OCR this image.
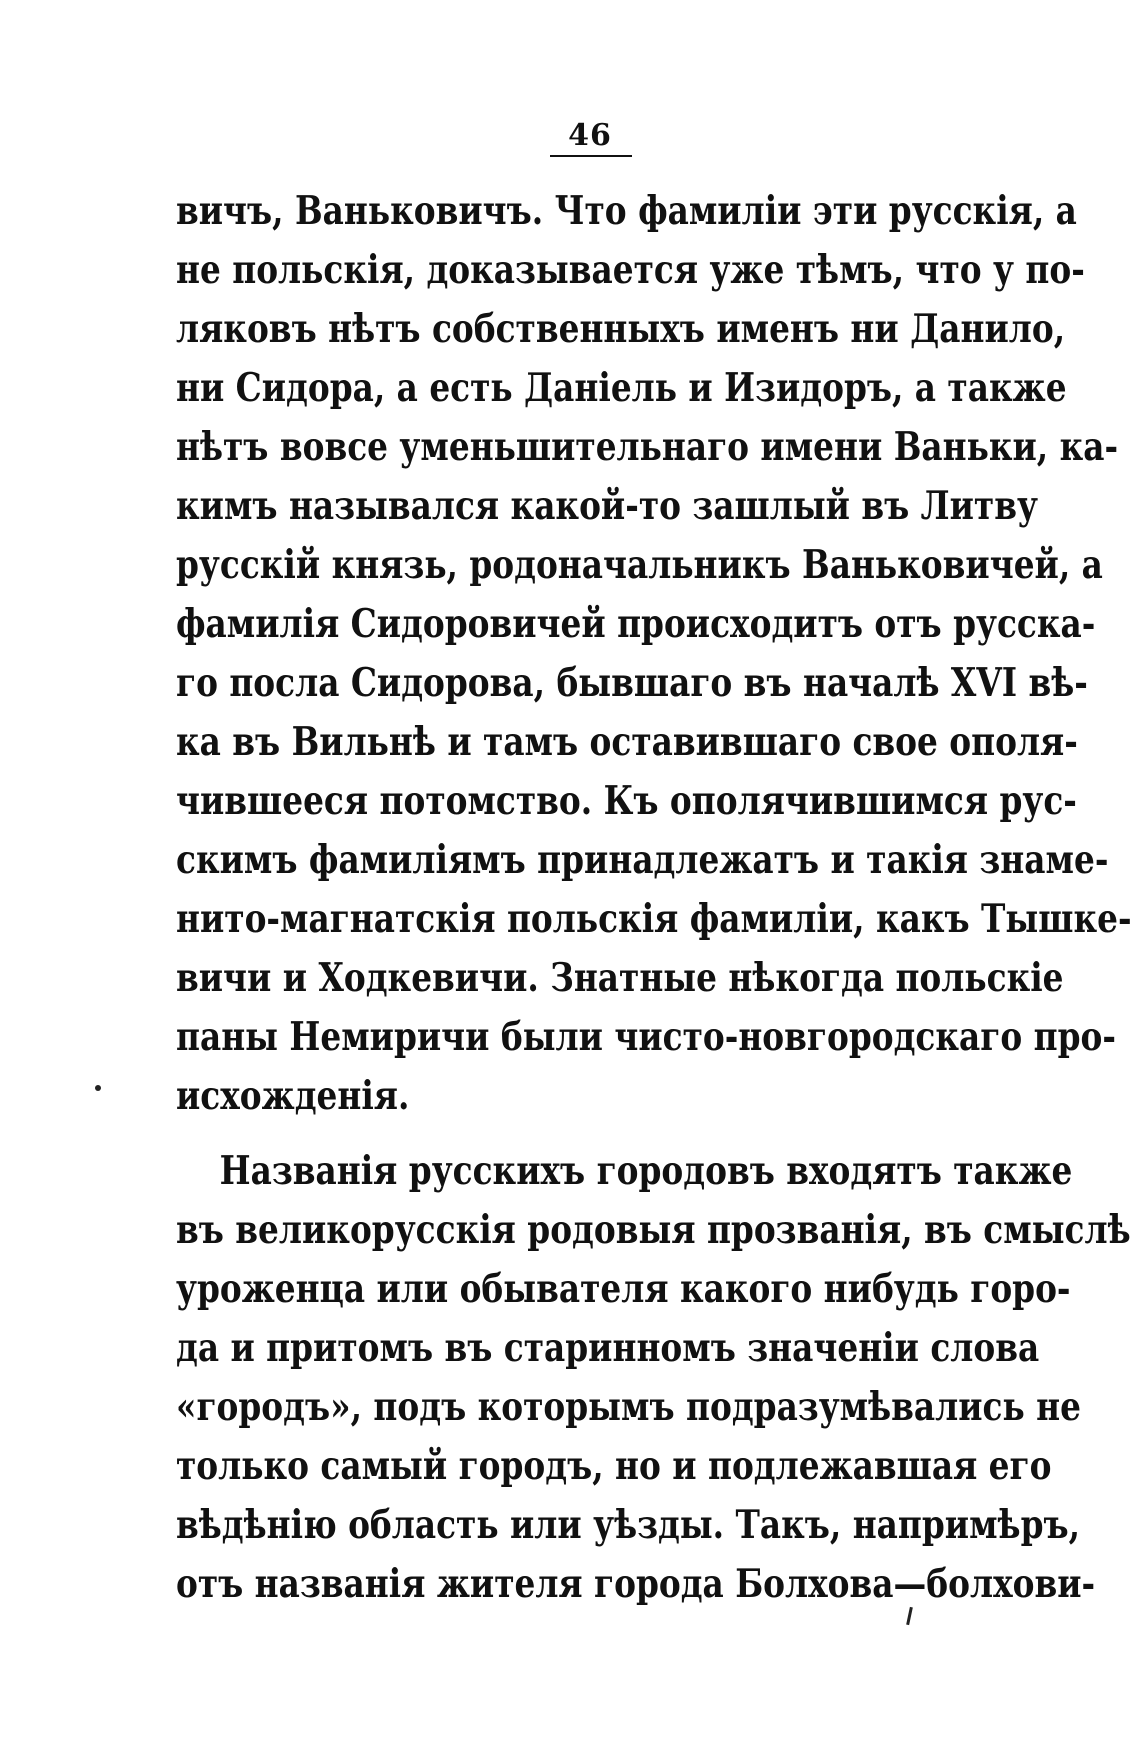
46
вичъ, Ваньковичъ. Что фамиліи эти русскія, а
не польскія, доказывается уже тѣмъ, что у по-
ляковъ нѣтъ собственныхъ именъ ни Данило,
ни Сидора, а есть Даніель и Изидоръ, а также
нѣтъ вовсе уменьшительнаго имени Ваньки, ка-
кимъ назывался какой-то зашлый въ Литву
русскій князь, родоначальникъ Ваньковичей, а
фамилія Сидоровичей происходитъ отъ русска-
го посла Сидорова, бывшаго въ началѣ XVI вѣ-
ка въ Вильнѣ и тамъ оставившаго свое ополя-
чившееся потомство. Къ ополячившимся рус-
скимъ фамиліямъ принадлежатъ и такія знаме-
нито-магнатскія польскія фамиліи, какъ Тышке-
вичи и Ходкевичи. Знатные нѣкогда польскіе
паны Немиричи были чисто-новгородскаго про-
исхожденія.
Названія русскихъ городовъ входятъ также
въ великорусскія родовыя прозванія, въ смыслѣ
уроженца или обывателя какого нибудь горо-
да и притомъ въ старинномъ значеніи слова
«городъ», подъ которымъ подразумѣвались не
только самый городъ, но и подлежавшая его
вѣдѣнію область или уѣзды. Такъ, напримѣръ,
отъ названія жителя города Болхова—болхови-
